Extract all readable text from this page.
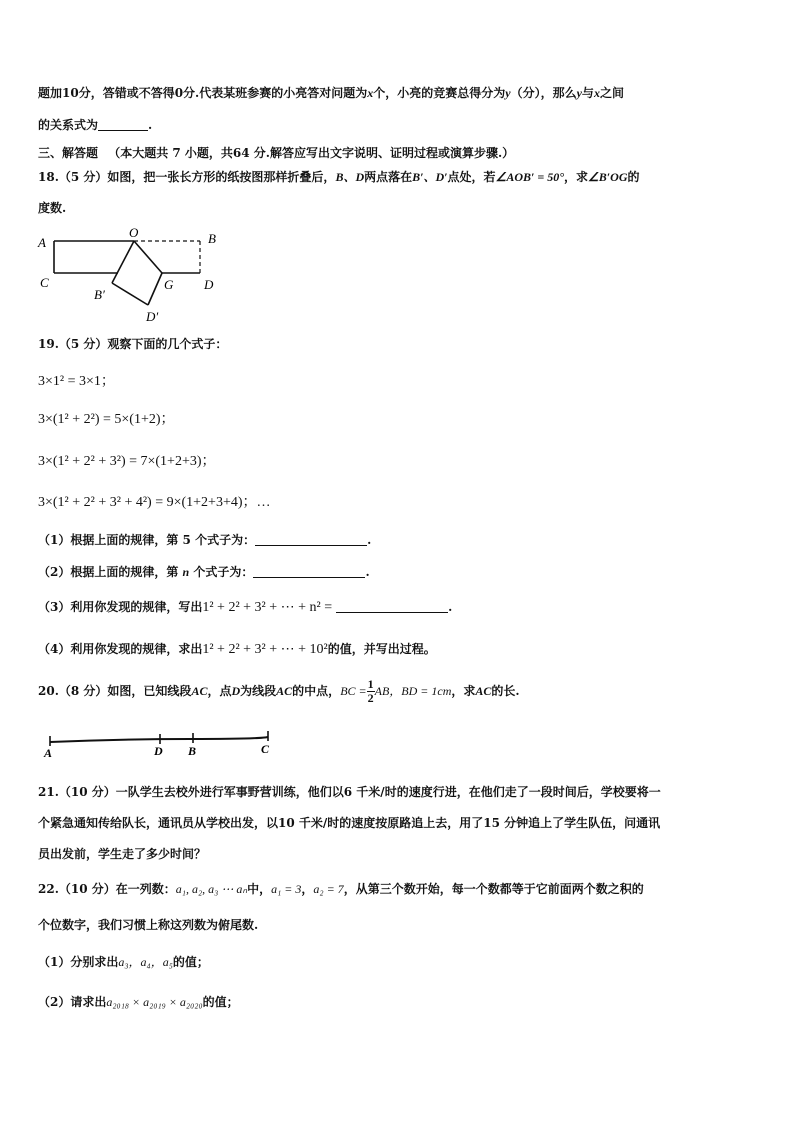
题加10分，答错或不答得0分.代表某班参赛的小亮答对问题为x个，小亮的竞赛总得分为y（分），那么y与x之间
的关系式为	.
三、解答题 （本大题共 7 小题，共64 分.解答应写出文字说明、证明过程或演算步骤.）
18.（5 分）如图，把一张长方形的纸按图那样折叠后，B、D两点落在B′、D′点处，若∠AOB′ = 50°，求∠B′OG的
度数.
A
O	B
C
B′
G D
D′
19.（5 分）观察下面的几个式子：
3×1² = 3×1；
3×(1² + 2²) = 5×(1+2)；
3×(1² + 2² + 3²) = 7×(1+2+3)；
3×(1² + 2² + 3² + 4²) = 9×(1+2+3+4)；…
（1）根据上面的规律，第 5 个式子为：	.
（2）根据上面的规律，第 n 个式子为：	.
（3）利用你发现的规律，写出1² + 2² + 3² + ⋯ + n² =	.
（4）利用你发现的规律，求出1² + 2² + 3² + ⋯ + 10²的值，并写出过程。
20.（8 分）如图，已知线段AC，点D为线段AC的中点，BC = $\frac{1}{2}$ AB，BD = 1cm，求AC的长.
A	D B	C
21.（10 分）一队学生去校外进行军事野营训练，他们以6 千米/时的速度行进，在他们走了一段时间后，学校要将一
个紧急通知传给队长，通讯员从学校出发，以10 千米/时的速度按原路追上去，用了15 分钟追上了学生队伍，问通讯
员出发前，学生走了多少时间？
22.（10 分）在一列数：a₁, a₂, a₃ ⋯ aₙ中，a₁ = 3，a₂ = 7，从第三个数开始，每一个数都等于它前面两个数之积的
个位数字，我们习惯上称这列数为俯尾数.
（1）分别求出a₃，a₄，a₅的值；
（2）请求出a₂₀₁₈ × a₂₀₁₉ × a₂₀₂₀的值；
